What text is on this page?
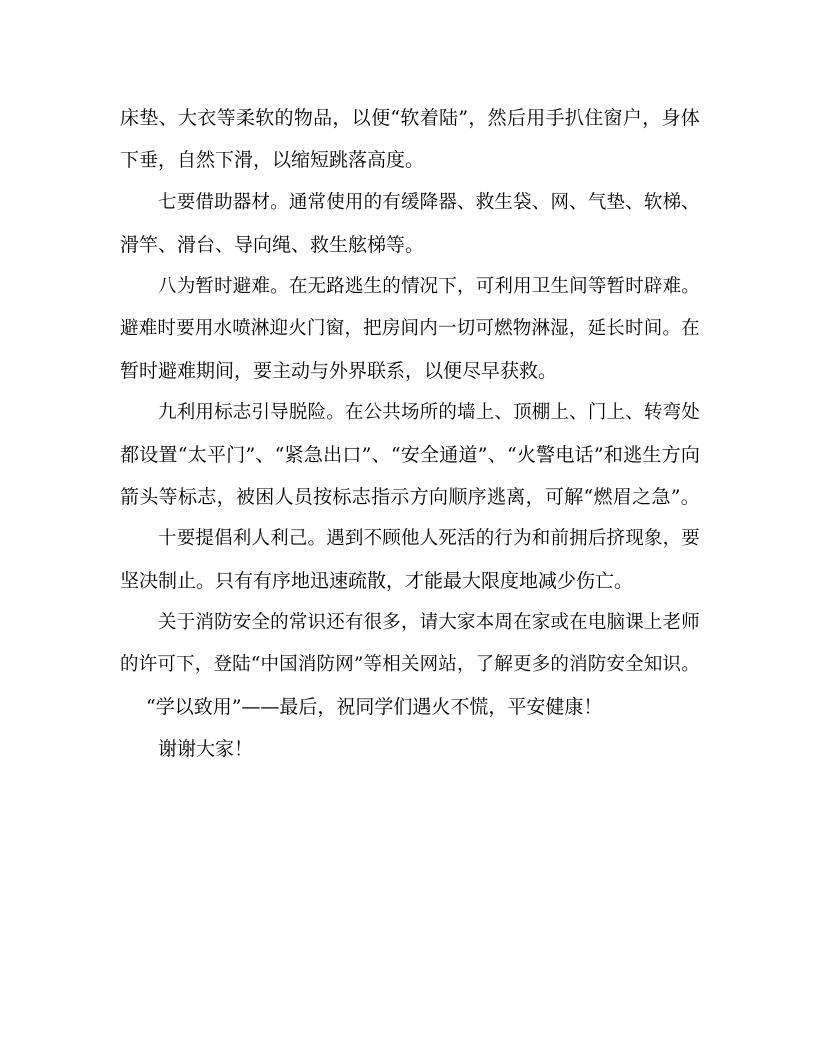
床 垫 、 大 衣 等 柔 软 的 物 品 ， 以 便 “ 软 着 陆 ” ， 然 后 用 手 扒 住 窗 户 ， 身 体
下垂，自然下滑，以缩短跳落高度。
七 要 借 助 器 材 。 通 常 使 用 的 有 缓 降 器 、 救 生 袋 、 网 、 气 垫 、 软 梯 、
滑竿、滑台、导向绳、救生舷梯等。
八 为 暂 时 避 难 。 在 无 路 逃 生 的 情 况 下 ， 可 利 用 卫 生 间 等 暂 时 辟 难 。
避 难 时 要 用 水 喷 淋 迎 火 门 窗 ， 把 房 间 内 一 切 可 燃 物 淋 湿 ， 延 长 时 间 。 在
暂时避难期间，要主动与外界联系，以便尽早获救。
九 利 用 标 志 引 导 脱 险 。 在 公 共 场 所 的 墙 上 、 顶 棚 上 、 门 上 、 转 弯 处
都 设 置 “ 太 平 门 ” 、 “ 紧 急 出 口 ” 、 “ 安 全 通 道 ” 、 “ 火 警 电 话 ” 和 逃 生 方 向
箭 头 等 标 志 ， 被 困 人 员 按 标 志 指 示 方 向 顺 序 逃 离 ， 可 解 “ 燃 眉 之 急 ” 。
十 要 提 倡 利 人 利 己 。 遇 到 不 顾 他 人 死 活 的 行 为 和 前 拥 后 挤 现 象 ， 要
坚决制止。只有有序地迅速疏散，才能最大限度地减少伤亡。
关 于 消 防 安 全 的 常 识 还 有 很 多 ， 请 大 家 本 周 在 家 或 在 电 脑 课 上 老 师
的 许 可 下 ， 登 陆 “ 中 国 消 防 网 ” 等 相 关 网 站 ， 了 解 更 多 的 消 防 安 全 知 识 。
“学以致用”——最后，祝同学们遇火不慌，平安健康！
谢谢大家！
